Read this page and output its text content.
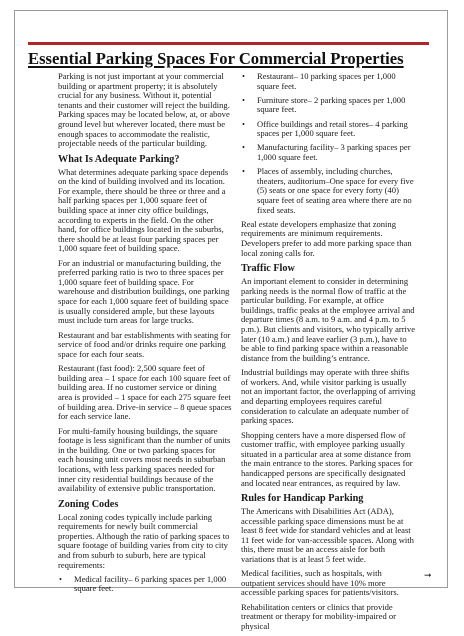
Essential Parking Spaces For Commercial Properties

Parking is not just important at your commercial building or apartment property; it is absolutely crucial for any business. Without it, potential tenants and their customer will reject the building. Parking spaces may be located below, at, or above ground level but wherever located, there must be enough spaces to accommodate the realistic, projectable needs of the particular building.

What Is Adequate Parking?

What determines adequate parking space depends on the kind of building involved and its location. For example, there should be three or three and a half parking spaces per 1,000 square feet of building space at inner city office buildings, according to experts in the field. On the other hand, for office buildings located in the suburbs, there should be at least four parking spaces per 1,000 square feet of building space.

For an industrial or manufacturing building, the preferred parking ratio is two to three spaces per 1,000 square feet of building space. For warehouse and distribution buildings, one parking space for each 1,000 square feet of building space is usually considered ample, but these layouts must include turn areas for large trucks.

Restaurant and bar establishments with seating for service of food and/or drinks require one parking space for each four seats.

Restaurant (fast food): 2,500 square feet of building area – 1 space for each 100 square feet of building area. If no customer service or dining area is provided – 1 space for each 275 square feet of building area. Drive-in service – 8 queue spaces for each service lane.

For multi-family housing buildings, the square footage is less significant than the number of units in the building. One or two parking spaces for each housing unit covers most needs in suburban locations, with less parking spaces needed for inner city residential buildings because of the availability of extensive public transportation.

Zoning Codes

Local zoning codes typically include parking requirements for newly built commercial properties. Although the ratio of parking spaces to square footage of building varies from city to city and from suburb to suburb, here are typical requirements:

• Medical facility– 6 parking spaces per 1,000 square feet.
• Restaurant– 10 parking spaces per 1,000 square feet.
• Furniture store– 2 parking spaces per 1,000 square feet.
• Office buildings and retail stores– 4 parking spaces per 1,000 square feet.
• Manufacturing facility– 3 parking spaces per 1,000 square feet.
• Places of assembly, including churches, theaters, auditorium–One space for every five (5) seats or one space for every forty (40) square feet of seating area where there are no fixed seats.

Real estate developers emphasize that zoning requirements are minimum requirements. Developers prefer to add more parking space than local zoning calls for.

Traffic Flow

An important element to consider in determining parking needs is the normal flow of traffic at the particular building. For example, at office buildings, traffic peaks at the employee arrival and departure times (8 a.m. to 9 a.m. and 4 p.m. to 5 p.m.). But clients and visitors, who typically arrive later (10 a.m.) and leave earlier (3 p.m.), have to be able to find parking space within a reasonable distance from the building’s entrance.

Industrial buildings may operate with three shifts of workers. And, while visitor parking is usually not an important factor, the overlapping of arriving and departing employees requires careful consideration to calculate an adequate number of parking spaces.

Shopping centers have a more dispersed flow of customer traffic, with employee parking usually situated in a particular area at some distance from the main entrance to the stores. Parking spaces for handicapped persons are specifically designated and located near entrances, as required by law.

Rules for Handicap Parking

The Americans with Disabilities Act (ADA), accessible parking space dimensions must be at least 8 feet wide for standard vehicles and at least 11 feet wide for van-accessible spaces. Along with this, there must be an access aisle for both variations that is at least 5 feet wide.

Medical facilities, such as hospitals, with outpatient services should have 10% more accessible parking spaces for patients/visitors.

Rehabilitation centers or clinics that provide treatment or therapy for mobility-impaired or physical

➞
